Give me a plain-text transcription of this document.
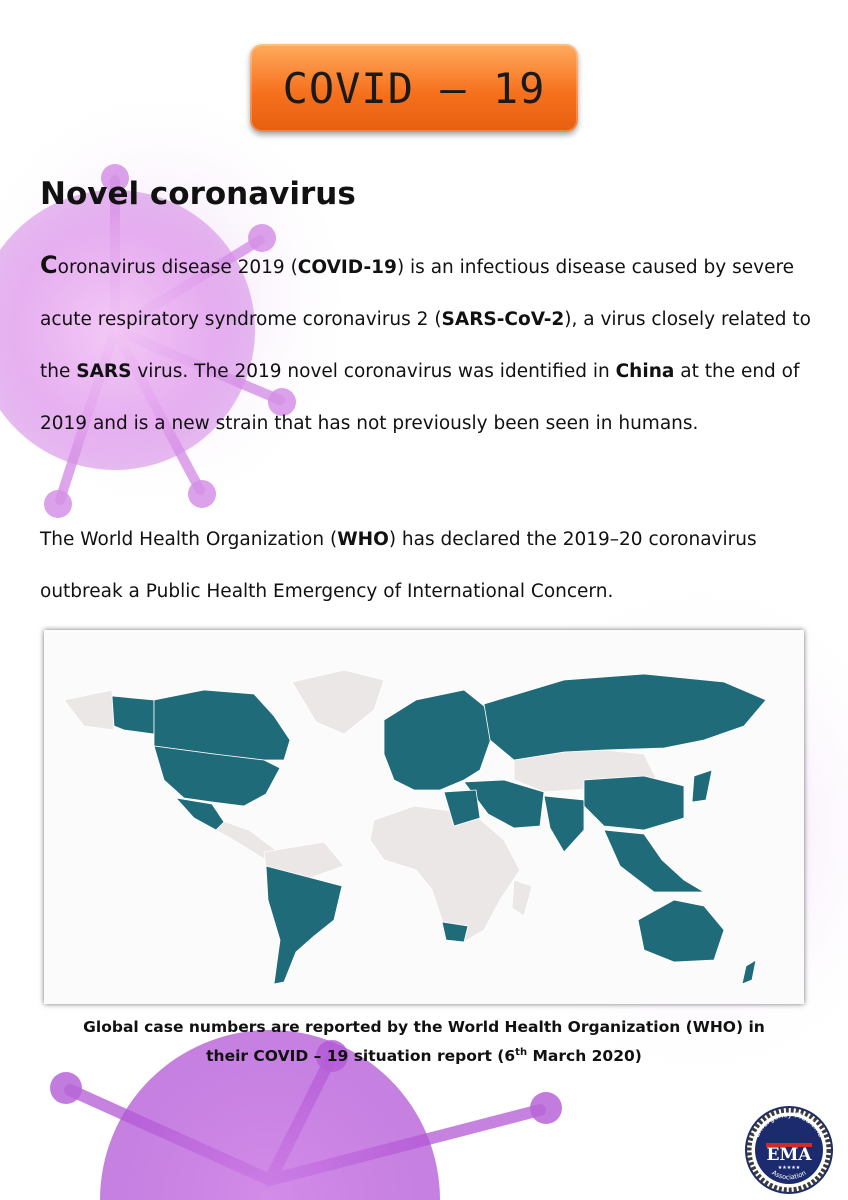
COVID – 19
Novel coronavirus

Coronavirus disease 2019 (COVID-19) is an infectious disease caused by severe acute respiratory syndrome coronavirus 2 (SARS-CoV-2), a virus closely related to the SARS virus. The 2019 novel coronavirus was identified in China at the end of 2019 and is a new strain that has not previously been seen in humans.

The World Health Organization (WHO) has declared the 2019–20 coronavirus outbreak a Public Health Emergency of International Concern.

Global case numbers are reported by the World Health Organization (WHO) in
their COVID – 19 situation report (6th March 2020)

Emergency Medicine
Association
EMA
★★★★★
